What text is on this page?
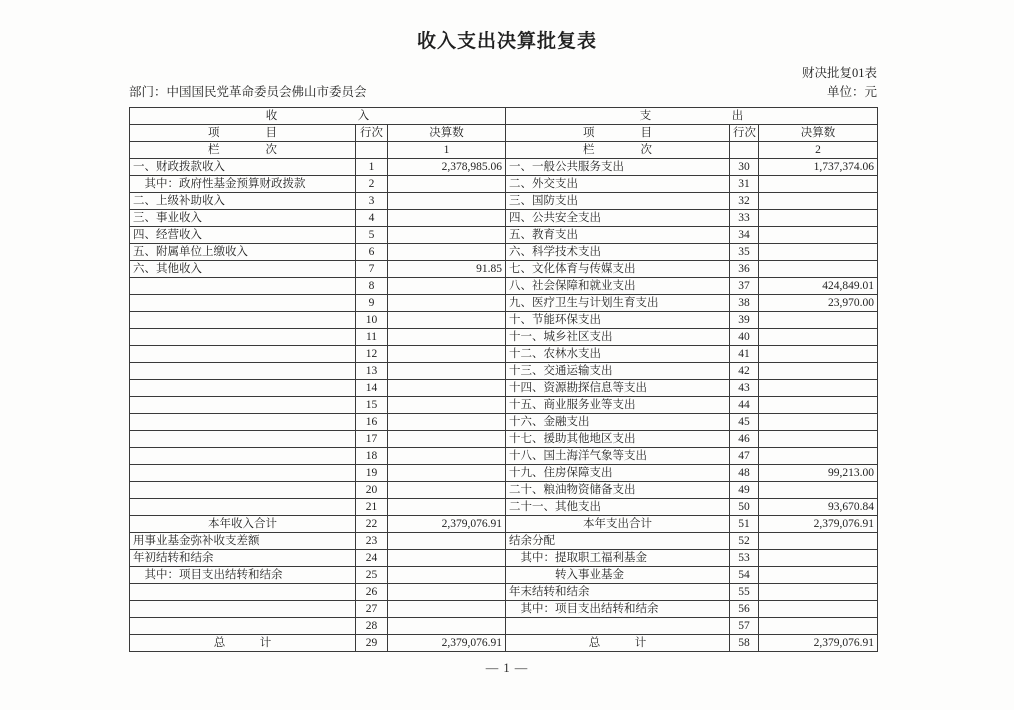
收入支出决算批复表
财决批复01表
部门：中国国民党革命委员会佛山市委员会	单位：元
收　　　　　　　入			支　　　　　　　出		
项　　　　目	行次	决算数	项　　　　目	行次	决算数
栏　　　　次		1	栏　　　　次		2
一、财政拨款收入	1	2,378,985.06	一、一般公共服务支出	30	1,737,374.06
　其中：政府性基金预算财政拨款	2		二、外交支出	31	
二、上级补助收入	3		三、国防支出	32	
三、事业收入	4		四、公共安全支出	33	
四、经营收入	5		五、教育支出	34	
五、附属单位上缴收入	6		六、科学技术支出	35	
六、其他收入	7	91.85	七、文化体育与传媒支出	36	
	8		八、社会保障和就业支出	37	424,849.01
	9		九、医疗卫生与计划生育支出	38	23,970.00
	10		十、节能环保支出	39	
	11		十一、城乡社区支出	40	
	12		十二、农林水支出	41	
	13		十三、交通运输支出	42	
	14		十四、资源勘探信息等支出	43	
	15		十五、商业服务业等支出	44	
	16		十六、金融支出	45	
	17		十七、援助其他地区支出	46	
	18		十八、国土海洋气象等支出	47	
	19		十九、住房保障支出	48	99,213.00
	20		二十、粮油物资储备支出	49	
	21		二十一、其他支出	50	93,670.84
本年收入合计	22	2,379,076.91	本年支出合计	51	2,379,076.91
用事业基金弥补收支差额	23		结余分配	52	
年初结转和结余	24		　其中：提取职工福利基金	53	
　其中：项目支出结转和结余	25		　　　　转入事业基金	54	
	26		年末结转和结余	55	
	27		　其中：项目支出结转和结余	56	
	28			57	
总　　　计	29	2,379,076.91	总　　　计	58	2,379,076.91
— 1 —
